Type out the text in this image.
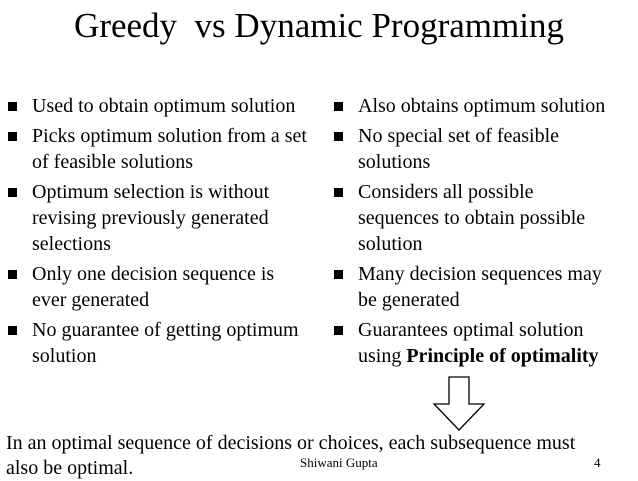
Greedy  vs Dynamic Programming
Used to obtain optimum solution
Picks optimum solution from a set
of feasible solutions
Optimum selection is without
revising previously generated
selections
Only one decision sequence is
ever generated
No guarantee of getting optimum
solution
Also obtains optimum solution
No special set of feasible
solutions
Considers all possible
sequences to obtain possible
solution
Many decision sequences may
be generated
Guarantees optimal solution
using Principle of optimality
In an optimal sequence of decisions or choices, each subsequence must
also be optimal.	Shiwani Gupta	4
